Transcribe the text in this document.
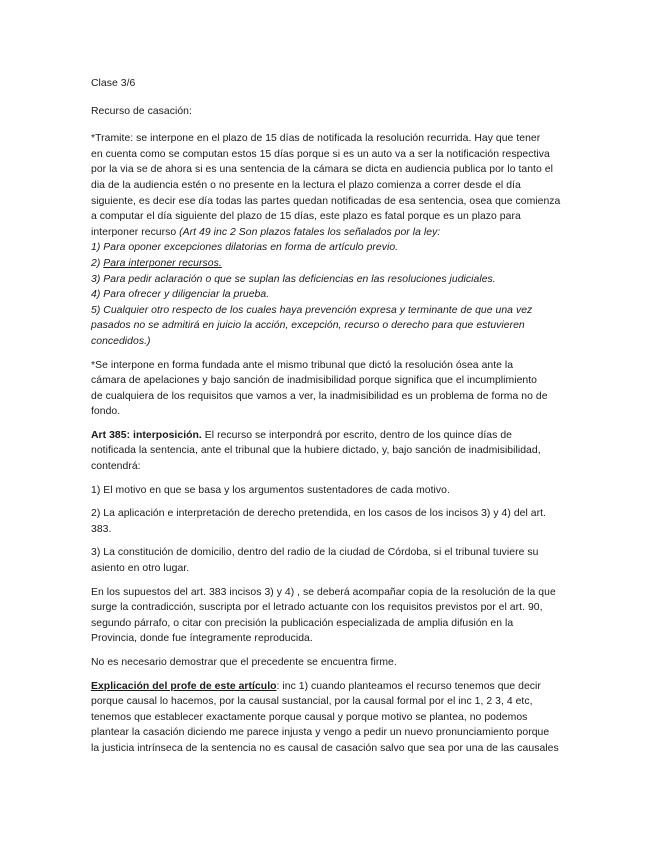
Clase 3/6

Recurso de casación:

*Tramite: se interpone en el plazo de 15 días de notificada la resolución recurrida. Hay que tener
en cuenta como se computan estos 15 días porque si es un auto va a ser la notificación respectiva
por la via se de ahora si es una sentencia de la cámara se dicta en audiencia publica por lo tanto el
dia de la audiencia estén o no presente en la lectura el plazo comienza a correr desde el día
siguiente, es decir ese día todas las partes quedan notificadas de esa sentencia, osea que comienza
a computar el día siguiente del plazo de 15 días, este plazo es fatal porque es un plazo para
interponer recurso (Art 49 inc 2 Son plazos fatales los señalados por la ley:
1) Para oponer excepciones dilatorias en forma de artículo previo.
2) Para interponer recursos.
3) Para pedir aclaración o que se suplan las deficiencias en las resoluciones judiciales.
4) Para ofrecer y diligenciar la prueba.
5) Cualquier otro respecto de los cuales haya prevención expresa y terminante de que una vez
pasados no se admitirá en juicio la acción, excepción, recurso o derecho para que estuvieren
concedidos.)

*Se interpone en forma fundada ante el mismo tribunal que dictó la resolución ósea ante la
cámara de apelaciones y bajo sanción de inadmisibilidad porque significa que el incumplimiento
de cualquiera de los requisitos que vamos a ver, la inadmisibilidad es un problema de forma no de
fondo.

Art 385: interposición. El recurso se interpondrá por escrito, dentro de los quince días de
notificada la sentencia, ante el tribunal que la hubiere dictado, y, bajo sanción de inadmisibilidad,
contendrá:

1) El motivo en que se basa y los argumentos sustentadores de cada motivo.

2) La aplicación e interpretación de derecho pretendida, en los casos de los incisos 3) y 4) del art.
383.

3) La constitución de domicilio, dentro del radio de la ciudad de Córdoba, si el tribunal tuviere su
asiento en otro lugar.

En los supuestos del art. 383 incisos 3) y 4) , se deberá acompañar copia de la resolución de la que
surge la contradicción, suscripta por el letrado actuante con los requisitos previstos por el art. 90,
segundo párrafo, o citar con precisión la publicación especializada de amplia difusión en la
Provincia, donde fue íntegramente reproducida.

No es necesario demostrar que el precedente se encuentra firme.

Explicación del profe de este artículo: inc 1) cuando planteamos el recurso tenemos que decir
porque causal lo hacemos, por la causal sustancial, por la causal formal por el inc 1, 2 3, 4 etc,
tenemos que establecer exactamente porque causal y porque motivo se plantea, no podemos
plantear la casación diciendo me parece injusta y vengo a pedir un nuevo pronunciamiento porque
la justicia intrínseca de la sentencia no es causal de casación salvo que sea por una de las causales
